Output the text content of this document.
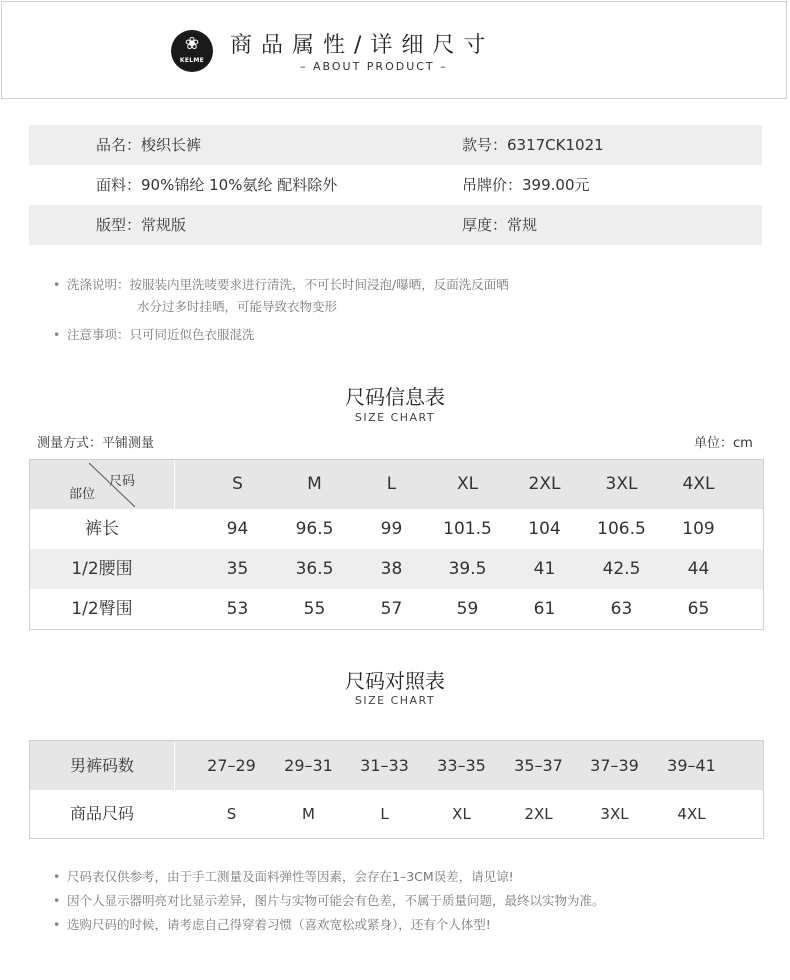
❀
KELME
商品属性/详细尺寸
– ABOUT PRODUCT –
品名：梭织长裤	款号：6317CK1021
面料：90%锦纶 10%氨纶 配料除外	吊牌价：399.00元
版型：常规版	厚度：常规
• 洗涤说明：按服装内里洗唛要求进行清洗，不可长时间浸泡/曝晒，反面洗反面晒
水分过多时挂晒，可能导致衣物变形
• 注意事项：只可同近似色衣服混洗
尺码信息表
SIZE CHART
测量方式：平铺测量	单位：cm
部位
尺码	S	M	L	XL	2XL	3XL	4XL
裤长	94	96.5	99	101.5	104	106.5	109
1/2腰围	35	36.5	38	39.5	41	42.5	44
1/2臀围	53	55	57	59	61	63	65
尺码对照表
SIZE CHART
男裤码数	27–29	29–31	31–33	33–35	35–37	37–39	39–41
商品尺码	S	M	L	XL	2XL	3XL	4XL
• 尺码表仅供参考，由于手工测量及面料弹性等因素，会存在1–3CM误差，请见谅!
• 因个人显示器明亮对比显示差异，图片与实物可能会有色差，不属于质量问题，最终以实物为准。
• 选购尺码的时候，请考虑自己得穿着习惯（喜欢宽松或紧身），还有个人体型!
